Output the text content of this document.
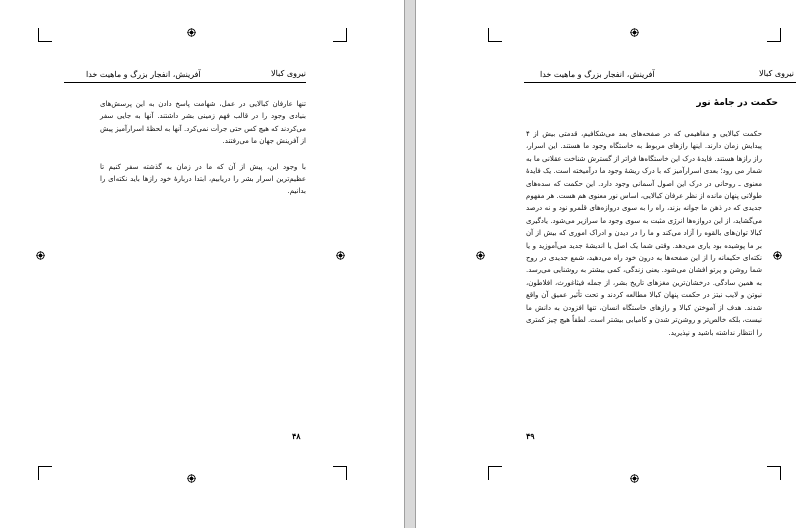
آفرینش، انفجار بزرگ و ماهیت خدا	نیروی کبالا

تنها عارفان کبالایی در عمل، شهامت پاسخ دادن به این پرسش‌های بنیادی وجود را در قالب فهم زمینی بشر داشتند. آنها به جایی سفر می‌کردند که هیچ کس حتی جرأت نمی‌کرد. آنها به لحظهٔ اسرارآمیز پیش از آفرینش جهان ما می‌رفتند.

با وجود این، پیش از آن که ما در زمان به گذشته سفر کنیم تا عظیم‌ترین اسرار بشر را دریابیم، ابتدا دربارهٔ خود رازها باید نکته‌ای را بدانیم.

۴۸
آفرینش، انفجار بزرگ و ماهیت خدا	نیروی کبالا
حکمت در جامهٔ نور

حکمت کبالایی و مفاهیمی که در صفحه‌های بعد می‌شکافیم، قدمتی بیش از ۴ پیدایش زمان دارند. اینها رازهای مربوط به خاستگاه وجود ما هستند. این اسرار، راز رازها هستند. فایدهٔ درک این خاستگاه‌ها فراتر از گسترش شناخت عقلانی ما به شمار می رود؛ بعدی اسرارآمیز که با درک ریشهٔ وجود ما درآمیخته است. یک فایدهٔ معنوی ـ روحانی در درک این اصول آسمانی وجود دارد. این حکمت که سده‌های طولانی پنهان مانده از نظر عرفان کبالایی، اساس نور معنوی هم هست. هر مفهوم جدیدی که در ذهن ما جوانه بزند، راه را به سوی دروازه‌های قلمرو نود و نه درصد می‌گشاید، از این دروازه‌ها انرژی مثبت به سوی وجود ما سرازیر می‌شود. یادگیری کبالا توان‌های بالقوه را آزاد می‌کند و ما را در دیدن و ادراک اموری که بیش از آن بر ما پوشیده بود یاری می‌دهد. وقتی شما یک اصل یا اندیشهٔ جدید می‌آموزید و یا نکته‌ای حکیمانه را از این صفحه‌ها به درون خود راه می‌دهید، شمع جدیدی در روح شما روشن و پرتو افشان می‌شود. یعنی زندگی، کمی بیشتر به روشنایی می‌رسد. به همین سادگی. درخشان‌ترین مغزهای تاریخ بشر، از جمله فیثاغورث، افلاطون، نیوتن و لایب نیتز در حکمت پنهان کبالا مطالعه کردند و تحت تأثیر عمیق آن واقع شدند. هدف از آموختن کبالا و رازهای خاستگاه انسان، تنها افزودن به دانش ما نیست، بلکه خالص‌تر و روشن‌تر شدن و کامیابی بیشتر است. لطفاً هیچ چیز کمتری را انتظار نداشته باشید و نپذیرید.

۴۹
